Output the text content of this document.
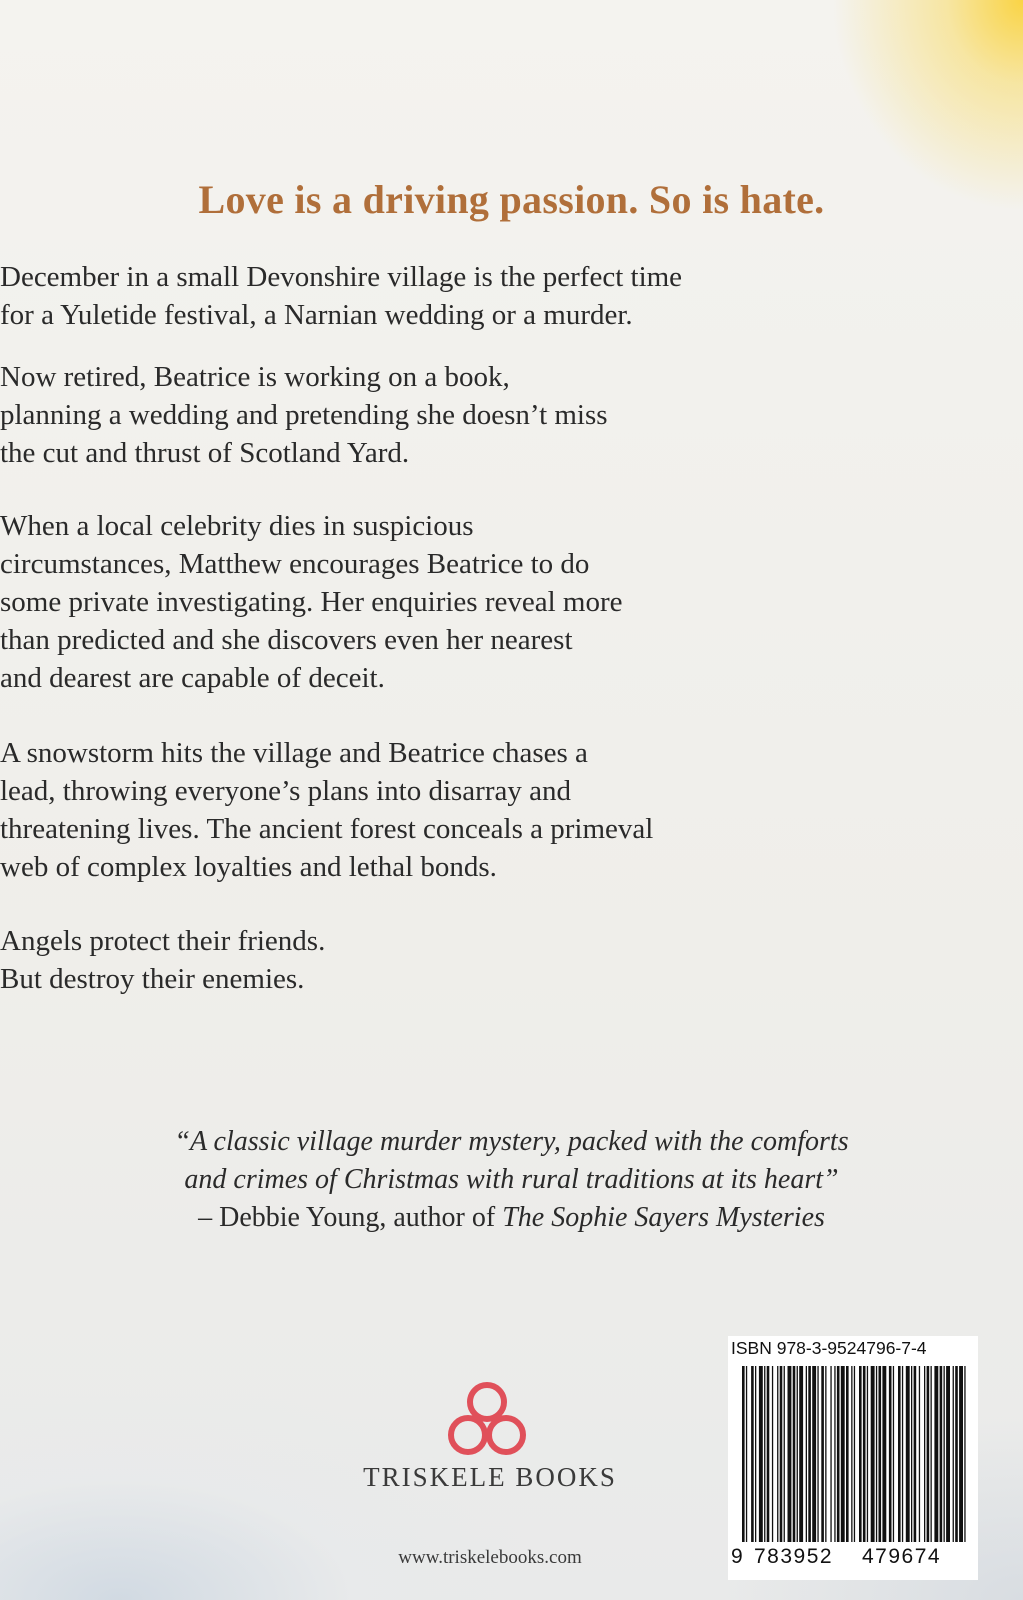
Love is a driving passion. So is hate.
December in a small Devonshire village is the perfect time
for a Yuletide festival, a Narnian wedding or a murder.
Now retired, Beatrice is working on a book,
planning a wedding and pretending she doesn’t miss
the cut and thrust of Scotland Yard.
When a local celebrity dies in suspicious
circumstances, Matthew encourages Beatrice to do
some private investigating. Her enquiries reveal more
than predicted and she discovers even her nearest
and dearest are capable of deceit.
A snowstorm hits the village and Beatrice chases a
lead, throwing everyone’s plans into disarray and
threatening lives. The ancient forest conceals a primeval
web of complex loyalties and lethal bonds.
Angels protect their friends.
But destroy their enemies.
“A classic village murder mystery, packed with the comforts
and crimes of Christmas with rural traditions at its heart”
– Debbie Young, author of The Sophie Sayers Mysteries
TRISKELE BOOKS
www.triskelebooks.com
ISBN 978-3-9524796-7-4
9 783952 479674
